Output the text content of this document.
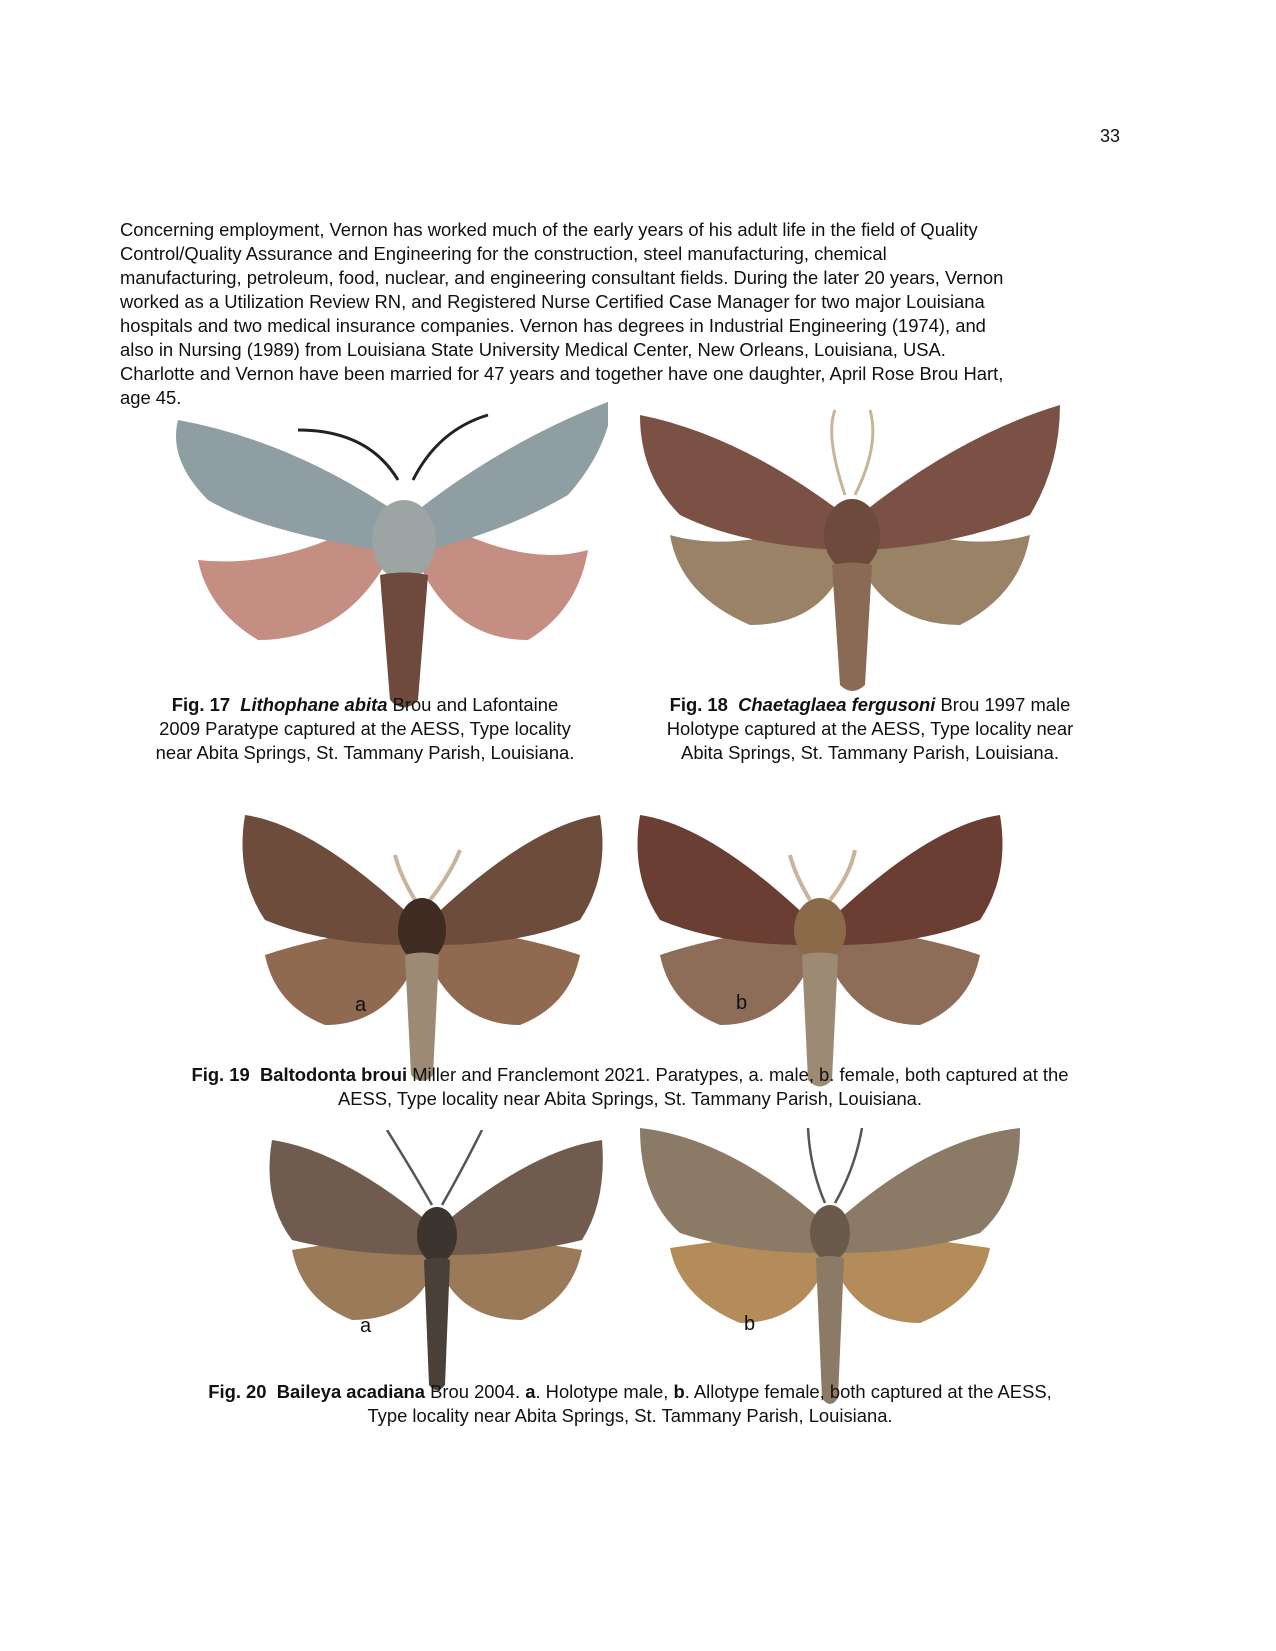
33
Concerning employment, Vernon has worked much of the early years of his adult life in the field of Quality
Control/Quality Assurance and Engineering for the construction, steel manufacturing, chemical
manufacturing, petroleum, food, nuclear, and engineering consultant fields. During the later 20 years, Vernon
worked as a Utilization Review RN, and Registered Nurse Certified Case Manager for two major Louisiana
hospitals and two medical insurance companies. Vernon has degrees in Industrial Engineering (1974), and
also in Nursing (1989) from Louisiana State University Medical Center, New Orleans, Louisiana, USA.
Charlotte and Vernon have been married for 47 years and together have one daughter, April Rose Brou Hart,
age 45.

Fig. 17 Lithophane abita Brou and Lafontaine
2009 Paratype captured at the AESS, Type locality
near Abita Springs, St. Tammany Parish, Louisiana.

Fig. 18 Chaetaglaea fergusoni Brou 1997 male
Holotype captured at the AESS, Type locality near
Abita Springs, St. Tammany Parish, Louisiana.

a	b

Fig. 19 Baltodonta broui Miller and Franclemont 2021. Paratypes, a. male, b. female, both captured at the
AESS, Type locality near Abita Springs, St. Tammany Parish, Louisiana.

a	b

Fig. 20 Baileya acadiana Brou 2004. a. Holotype male, b. Allotype female, both captured at the AESS,
Type locality near Abita Springs, St. Tammany Parish, Louisiana.
